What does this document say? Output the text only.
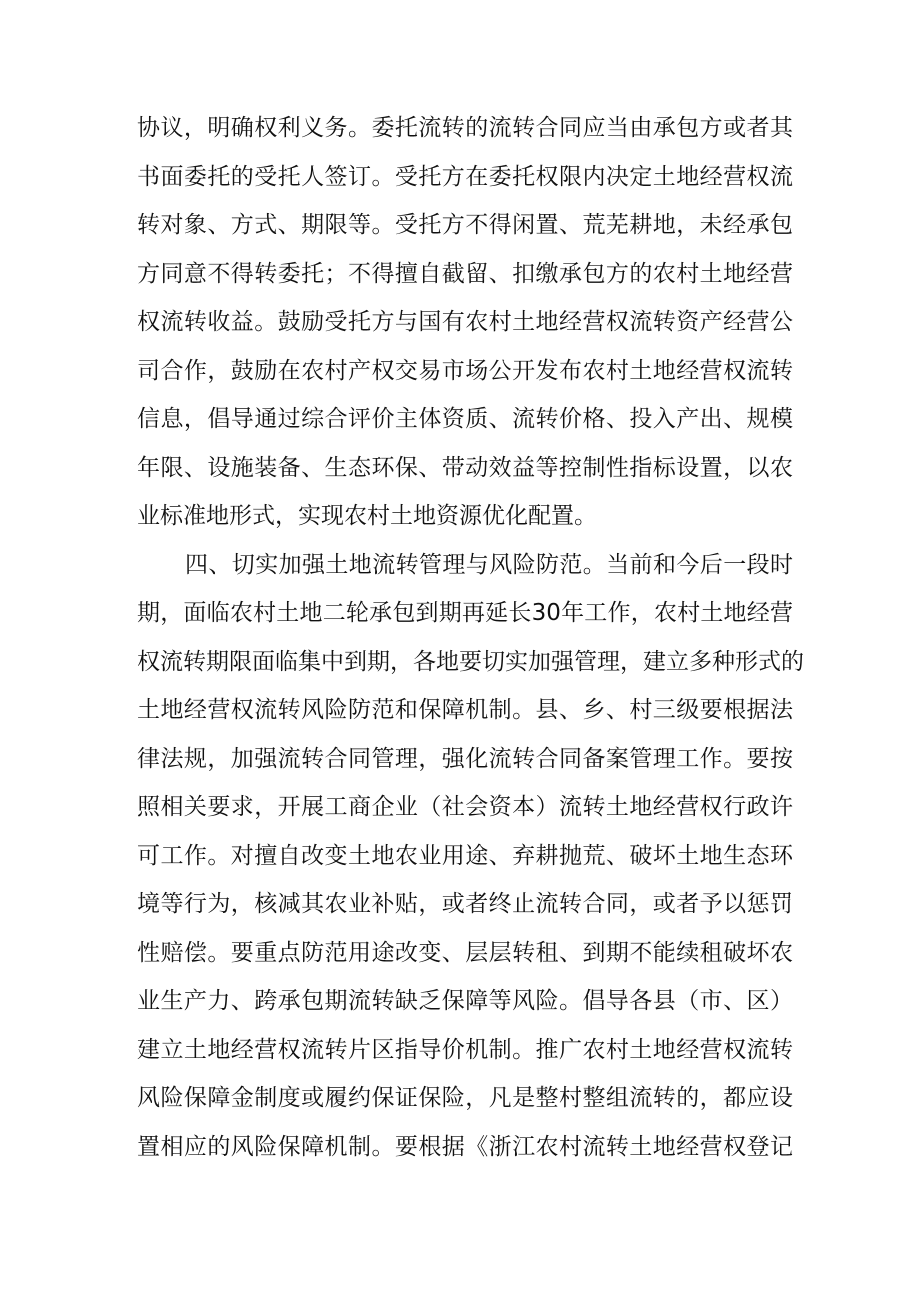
协议，明确权利义务。委托流转的流转合同应当由承包方或者其
书面委托的受托人签订。受托方在委托权限内决定土地经营权流
转对象、方式、期限等。受托方不得闲置、荒芜耕地，未经承包
方同意不得转委托；不得擅自截留、扣缴承包方的农村土地经营
权流转收益。鼓励受托方与国有农村土地经营权流转资产经营公
司合作，鼓励在农村产权交易市场公开发布农村土地经营权流转
信息，倡导通过综合评价主体资质、流转价格、投入产出、规模
年限、设施装备、生态环保、带动效益等控制性指标设置，以农
业标准地形式，实现农村土地资源优化配置。

四、切实加强土地流转管理与风险防范。当前和今后一段时
期，面临农村土地二轮承包到期再延长30年工作，农村土地经营
权流转期限面临集中到期，各地要切实加强管理，建立多种形式的
土地经营权流转风险防范和保障机制。县、乡、村三级要根据法
律法规，加强流转合同管理，强化流转合同备案管理工作。要按
照相关要求，开展工商企业（社会资本）流转土地经营权行政许
可工作。对擅自改变土地农业用途、弃耕抛荒、破坏土地生态环
境等行为，核减其农业补贴，或者终止流转合同，或者予以惩罚
性赔偿。要重点防范用途改变、层层转租、到期不能续租破坏农
业生产力、跨承包期流转缺乏保障等风险。倡导各县（市、区）
建立土地经营权流转片区指导价机制。推广农村土地经营权流转
风险保障金制度或履约保证保险，凡是整村整组流转的，都应设
置相应的风险保障机制。要根据《浙江农村流转土地经营权登记
